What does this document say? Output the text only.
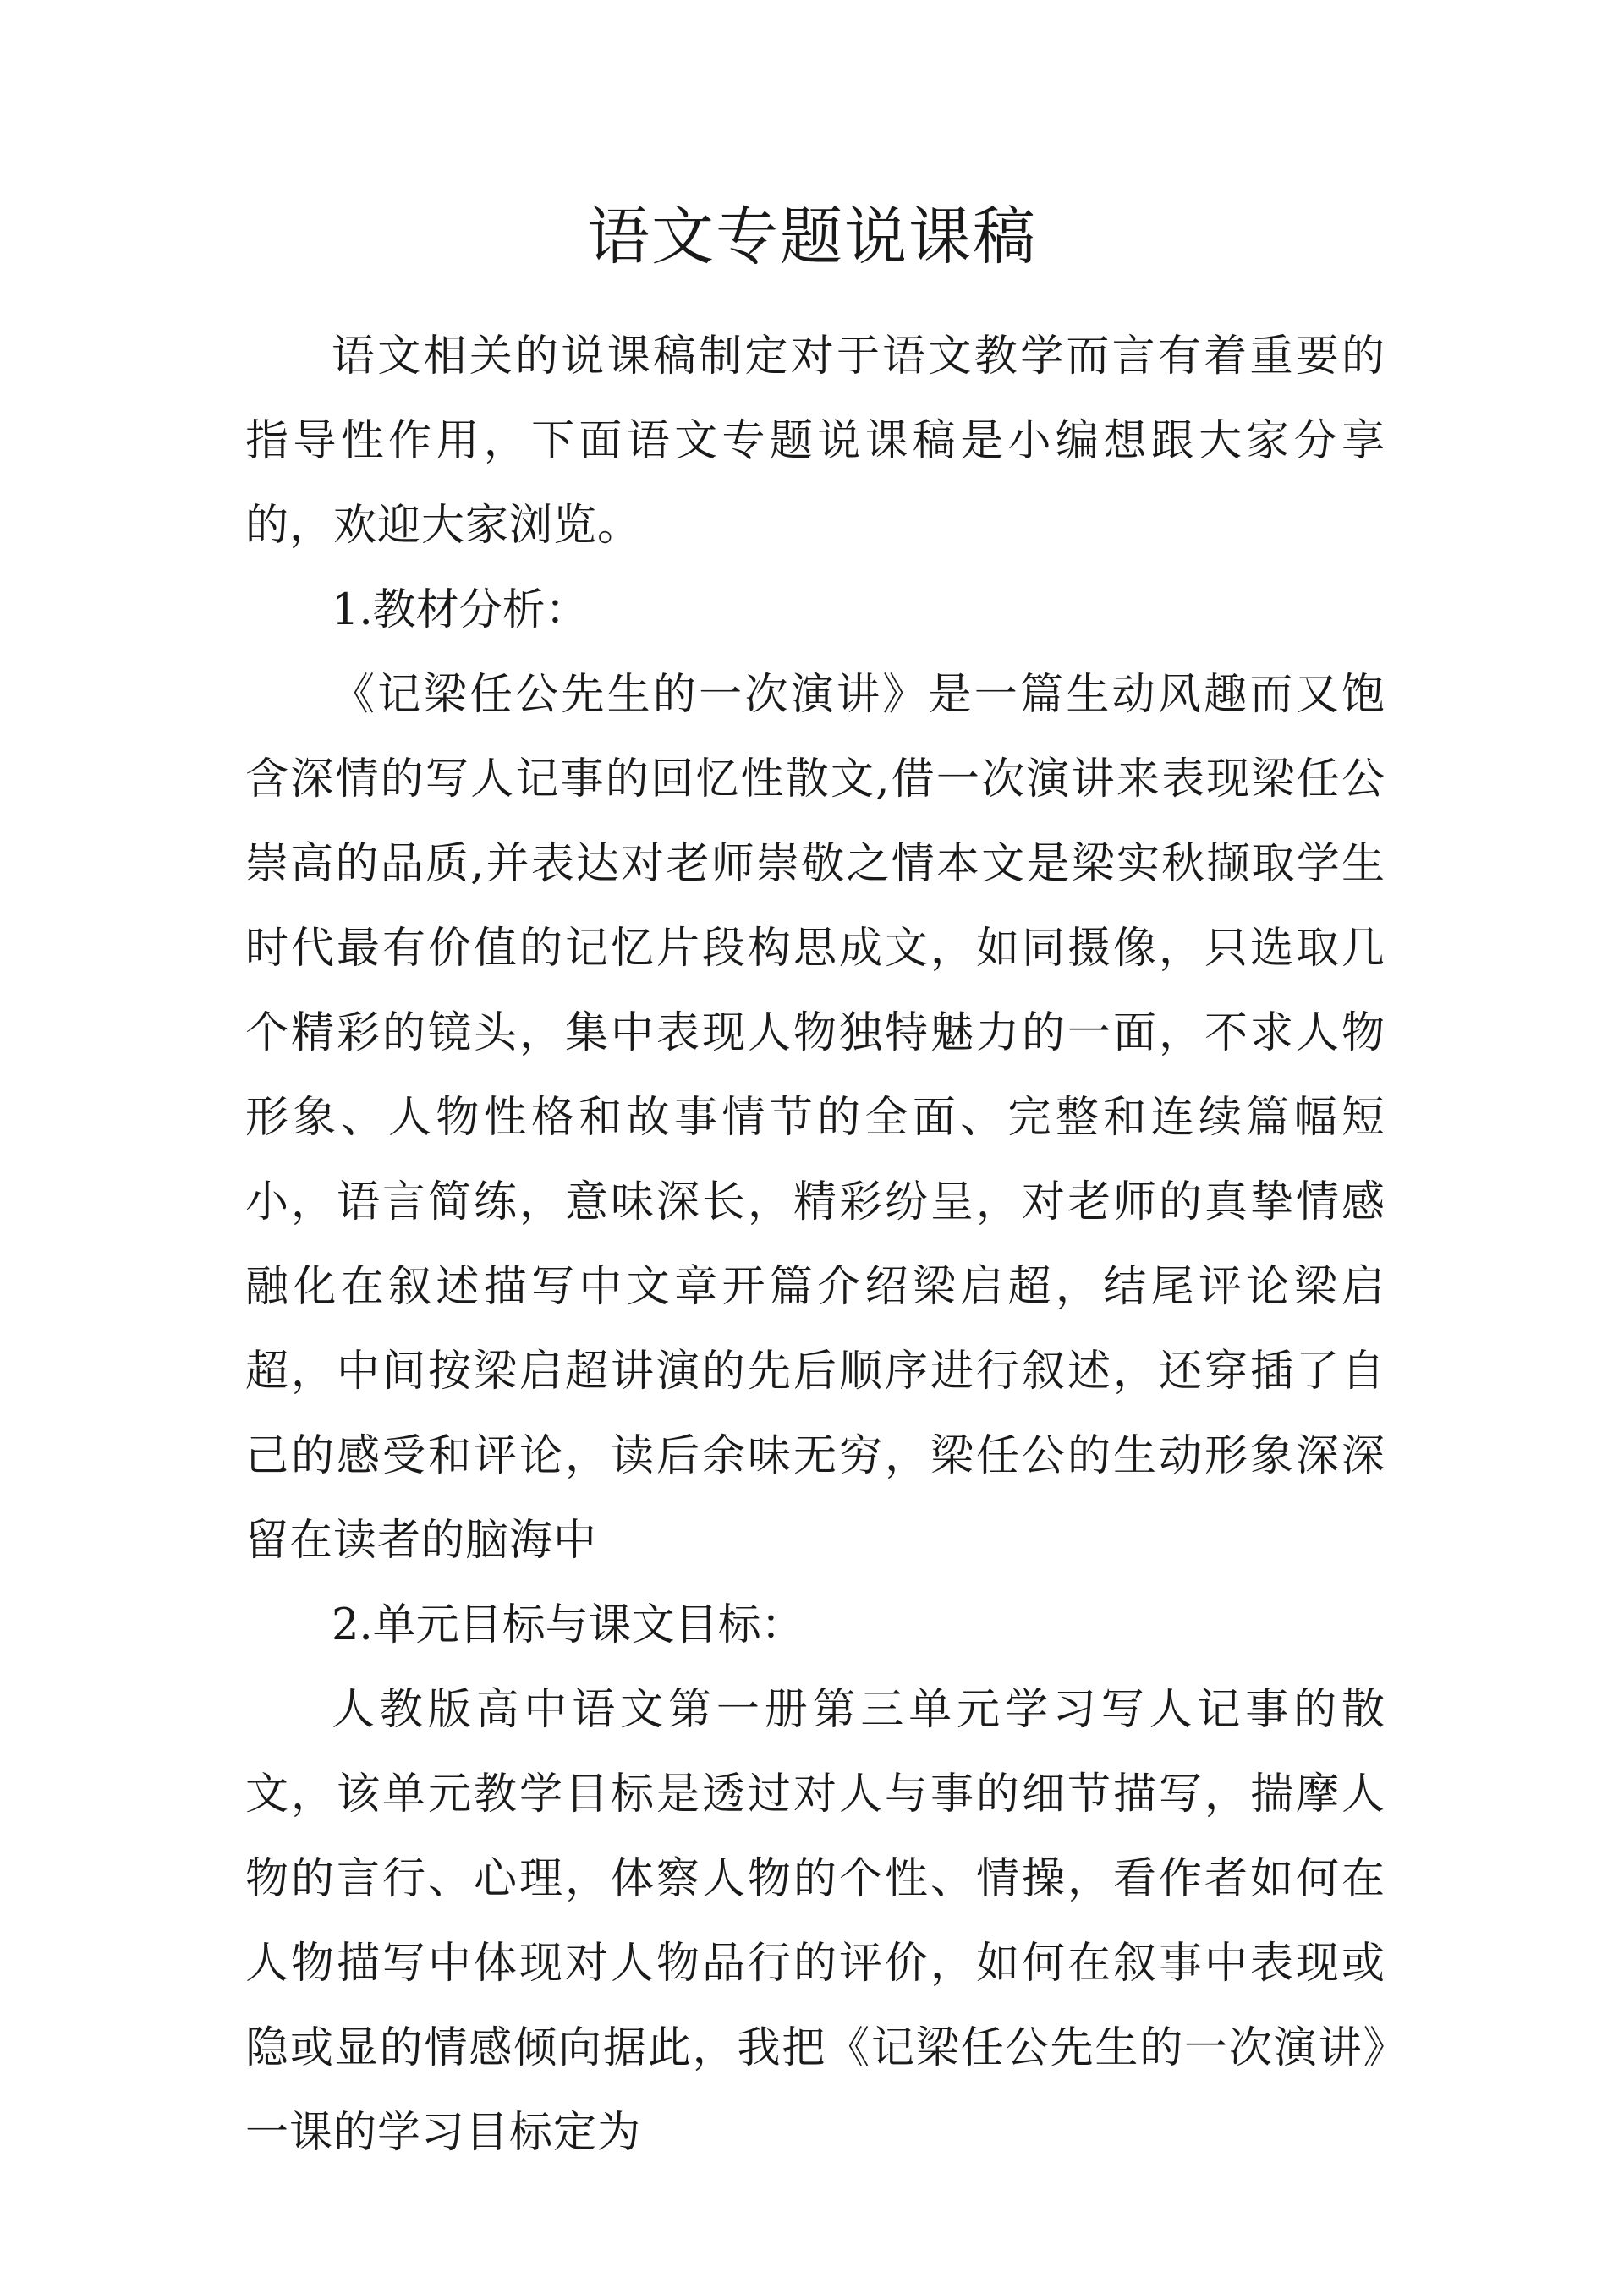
语文专题说课稿

语文相关的说课稿制定对于语文教学而言有着重要的指导性作用，下面语文专题说课稿是小编想跟大家分享的，欢迎大家浏览。

1.教材分析：

《记梁任公先生的一次演讲》是一篇生动风趣而又饱含深情的写人记事的回忆性散文,借一次演讲来表现梁任公崇高的品质,并表达对老师崇敬之情本文是梁实秋撷取学生时代最有价值的记忆片段构思成文，如同摄像，只选取几个精彩的镜头，集中表现人物独特魅力的一面，不求人物形象、人物性格和故事情节的全面、完整和连续篇幅短小，语言简练，意味深长，精彩纷呈，对老师的真挚情感融化在叙述描写中文章开篇介绍梁启超，结尾评论梁启超，中间按梁启超讲演的先后顺序进行叙述，还穿插了自己的感受和评论，读后余味无穷，梁任公的生动形象深深留在读者的脑海中

2.单元目标与课文目标：

人教版高中语文第一册第三单元学习写人记事的散文，该单元教学目标是透过对人与事的细节描写，揣摩人物的言行、心理，体察人物的个性、情操，看作者如何在人物描写中体现对人物品行的评价，如何在叙事中表现或隐或显的情感倾向据此，我把《记梁任公先生的一次演讲》一课的学习目标定为
